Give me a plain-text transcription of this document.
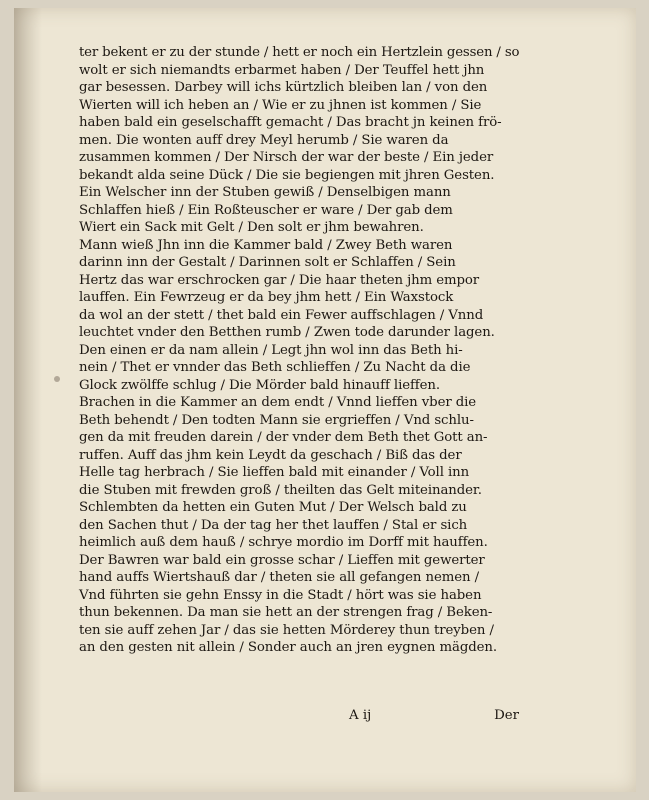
ter bekent er zu der stunde / hett er noch ein Hertzlein gessen / so
wolt er sich niemandts erbarmet haben / Der Teuffel hett jhn
gar besessen. Darbey will ichs kürtzlich bleiben lan / von den
Wierten will ich heben an / Wie er zu jhnen ist kommen / Sie
haben bald ein geselschafft gemacht / Das bracht jn keinen frö-
men. Die wonten auff drey Meyl herumb / Sie waren da
zusammen kommen / Der Nirsch der war der beste / Ein jeder
bekandt alda seine Dück / Die sie begiengen mit jhren Gesten.
Ein Welscher inn der Stuben gewiß / Denselbigen mann
Schlaffen hieß / Ein Roßteuscher er ware / Der gab dem
Wiert ein Sack mit Gelt / Den solt er jhm bewahren.
Mann wieß Jhn inn die Kammer bald / Zwey Beth waren
darinn inn der Gestalt / Darinnen solt er Schlaffen / Sein
Hertz das war erschrocken gar / Die haar theten jhm empor
lauffen. Ein Fewrzeug er da bey jhm hett / Ein Waxstock
da wol an der stett / thet bald ein Fewer auffschlagen / Vnnd
leuchtet vnder den Betthen rumb / Zwen tode darunder lagen.
Den einen er da nam allein / Legt jhn wol inn das Beth hi-
nein / Thet er vnnder das Beth schlieffen / Zu Nacht da die
Glock zwölffe schlug / Die Mörder bald hinauff lieffen.
Brachen in die Kammer an dem endt / Vnnd lieffen vber die
Beth behendt / Den todten Mann sie ergrieffen / Vnd schlu-
gen da mit freuden darein / der vnder dem Beth thet Gott an-
ruffen. Auff das jhm kein Leydt da geschach / Biß das der
Helle tag herbrach / Sie lieffen bald mit einander / Voll inn
die Stuben mit frewden groß / theilten das Gelt miteinander.
Schlembten da hetten ein Guten Mut / Der Welsch bald zu
den Sachen thut / Da der tag her thet lauffen / Stal er sich
heimlich auß dem hauß / schrye mordio im Dorff mit hauffen.
Der Bawren war bald ein grosse schar / Lieffen mit gewerter
hand auffs Wiertshauß dar / theten sie all gefangen nemen /
Vnd führten sie gehn Enssy in die Stadt / hört was sie haben
thun bekennen. Da man sie hett an der strengen frag / Beken-
ten sie auff zehen Jar / das sie hetten Mörderey thun treyben /
an den gesten nit allein / Sonder auch an jren eygnen mägden.
A ij	Der
